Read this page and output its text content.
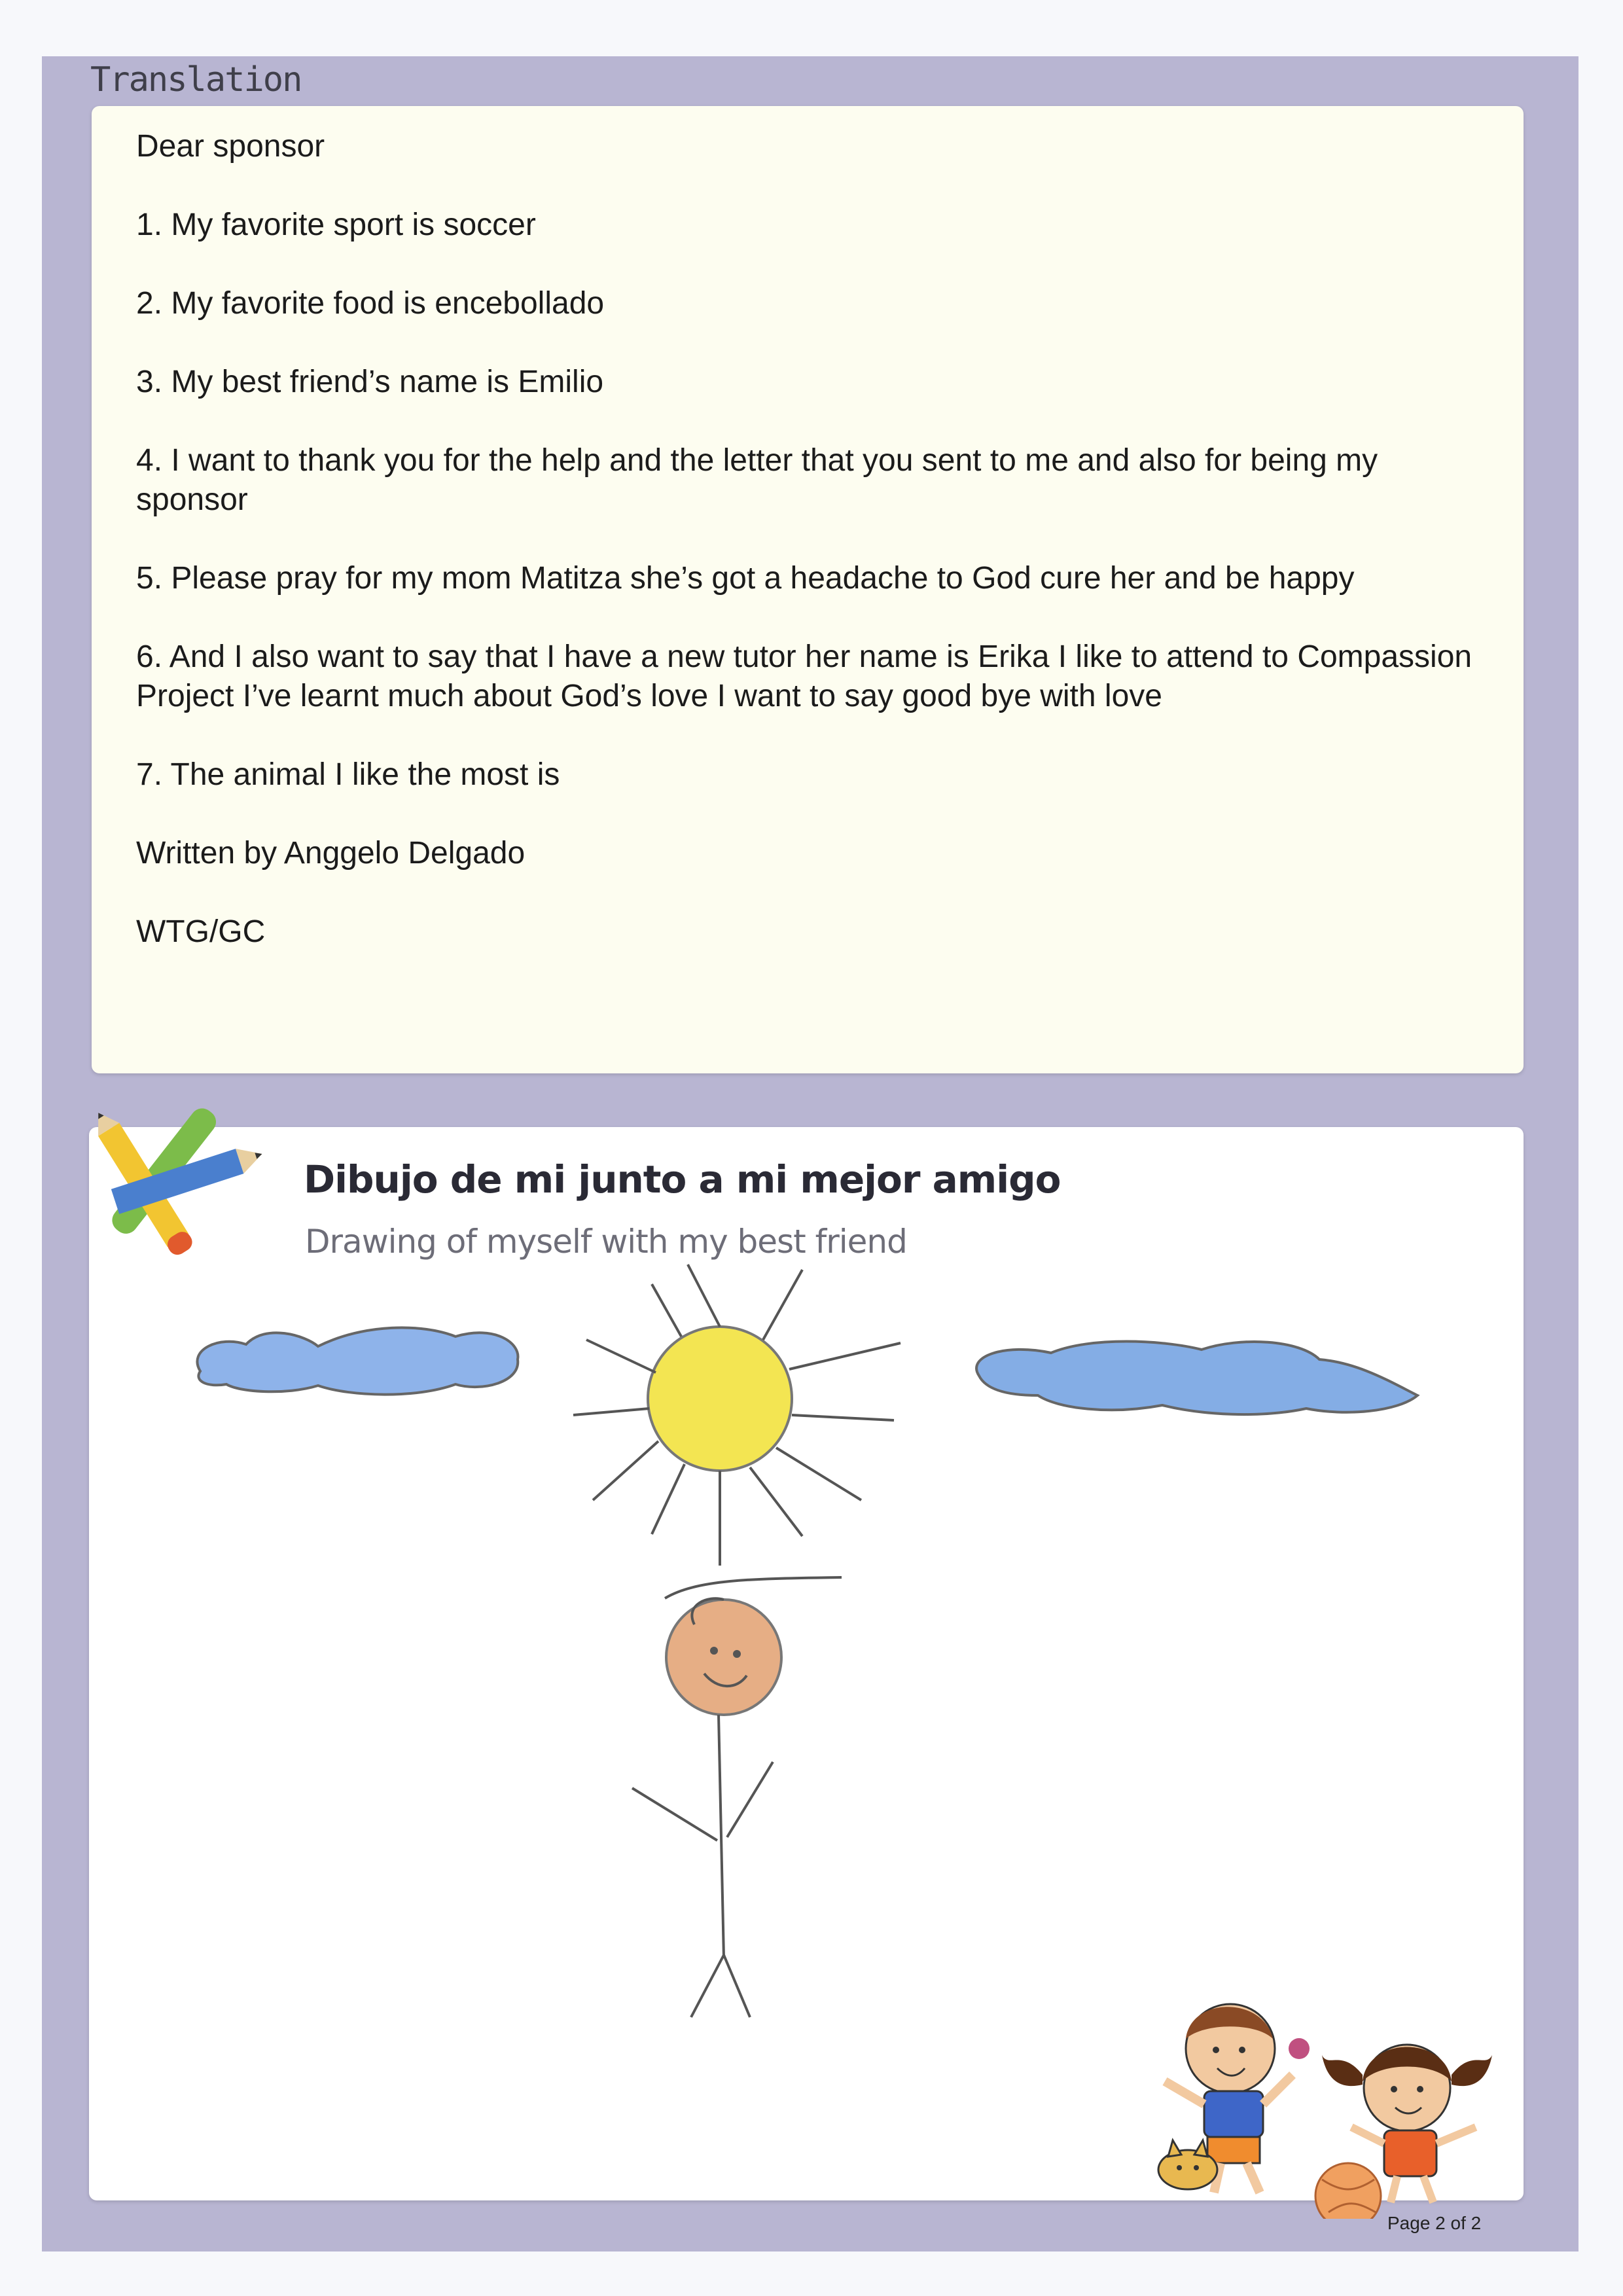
Translation

Dear sponsor

1. My favorite sport is soccer

2. My favorite food is encebollado

3. My best friend’s name is Emilio

4. I want to thank you for the help and the letter that you sent to me and also for being my sponsor

5. Please pray for my mom Matitza she’s got a headache to God cure her and be happy

6. And I also want to say that I have a new tutor her name is Erika I like to attend to Compassion Project I’ve learnt much about God’s love I want to say good bye with love

7. The animal I like the most is

Written by Anggelo Delgado

WTG/GC

Dibujo de mi junto a mi mejor amigo
Drawing of myself with my best friend
Page 2 of 2
